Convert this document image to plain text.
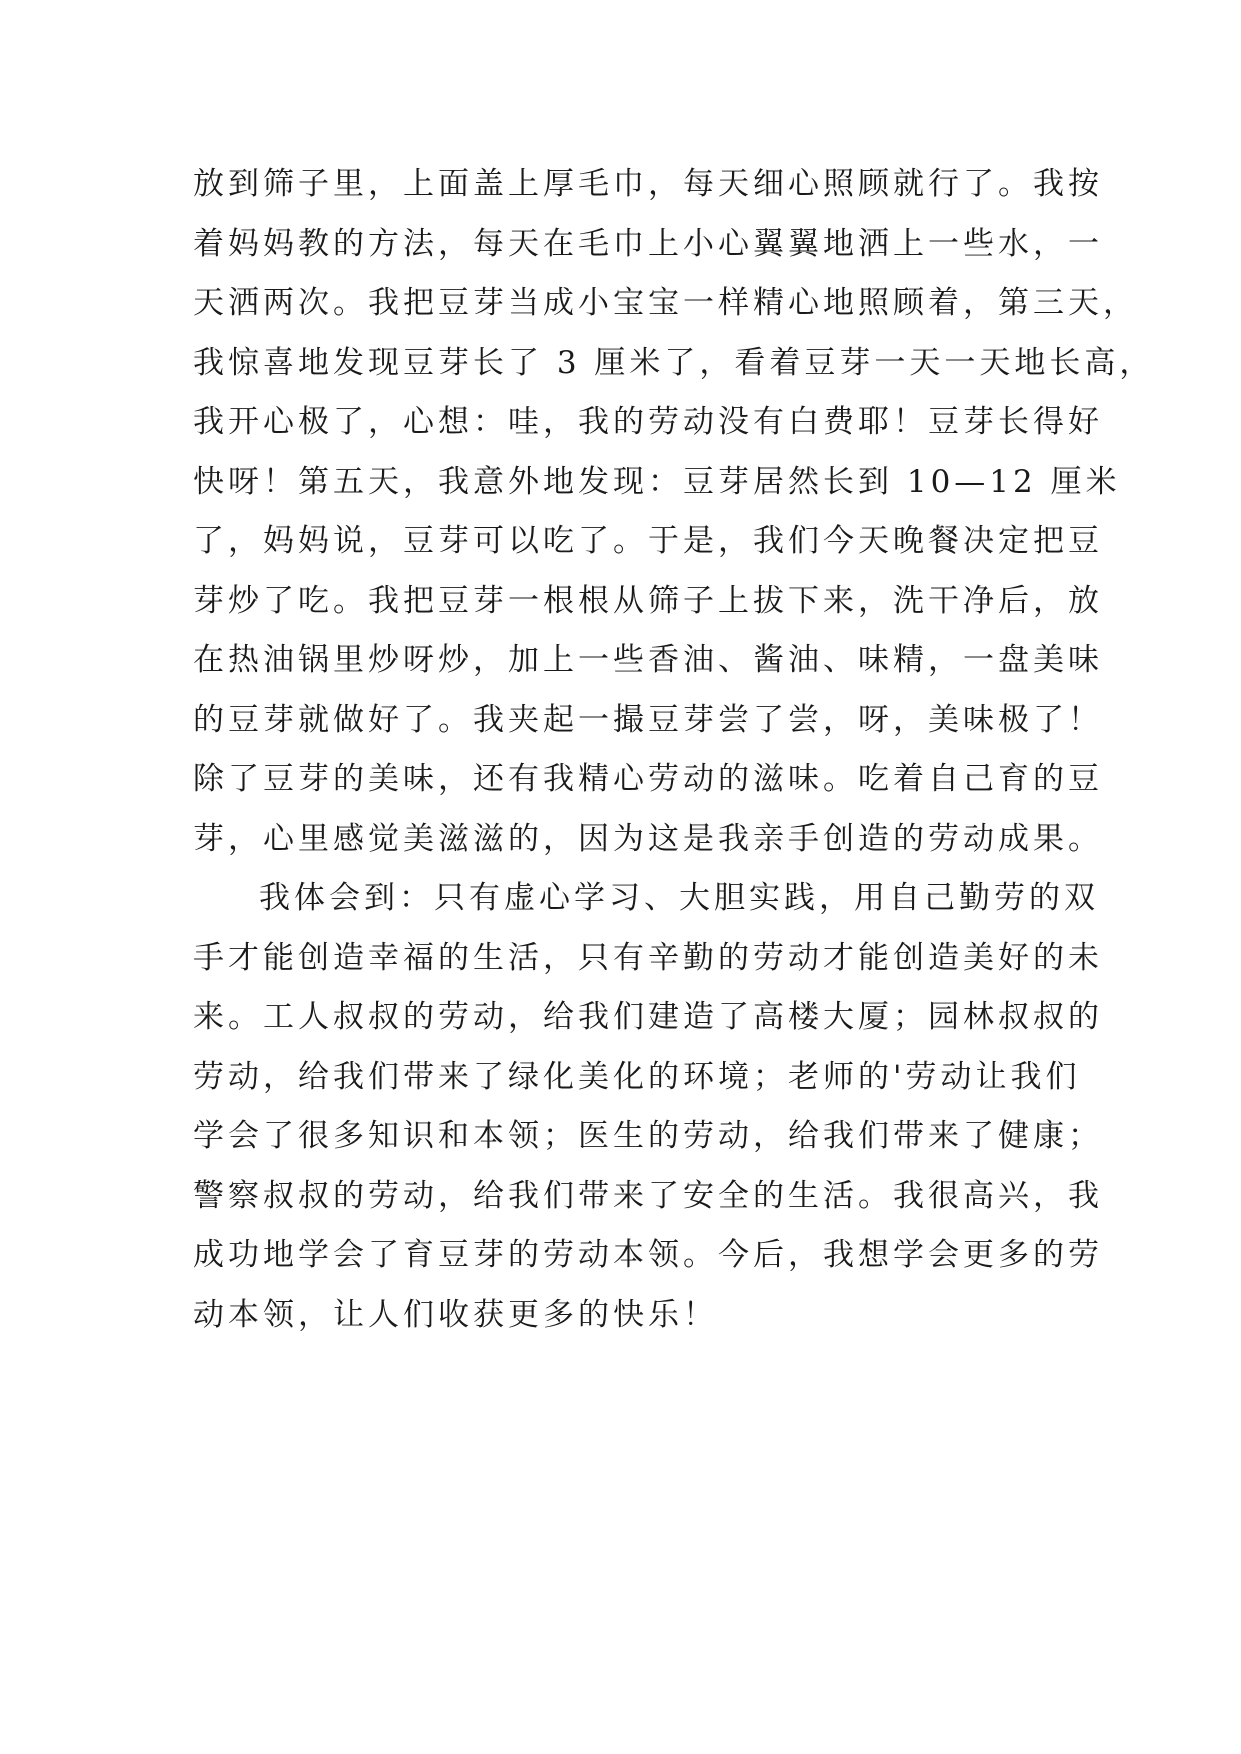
放到筛子里，上面盖上厚毛巾，每天细心照顾就行了。我按
着妈妈教的方法，每天在毛巾上小心翼翼地洒上一些水，一
天洒两次。我把豆芽当成小宝宝一样精心地照顾着，第三天，
我惊喜地发现豆芽长了 3 厘米了，看着豆芽一天一天地长高，
我开心极了，心想：哇，我的劳动没有白费耶！豆芽长得好
快呀！第五天，我意外地发现：豆芽居然长到 10—12 厘米
了，妈妈说，豆芽可以吃了。于是，我们今天晚餐决定把豆
芽炒了吃。我把豆芽一根根从筛子上拔下来，洗干净后，放
在热油锅里炒呀炒，加上一些香油、酱油、味精，一盘美味
的豆芽就做好了。我夹起一撮豆芽尝了尝，呀，美味极了！
除了豆芽的美味，还有我精心劳动的滋味。吃着自己育的豆
芽，心里感觉美滋滋的，因为这是我亲手创造的劳动成果。
我体会到：只有虚心学习、大胆实践，用自己勤劳的双
手才能创造幸福的生活，只有辛勤的劳动才能创造美好的未
来。工人叔叔的劳动，给我们建造了高楼大厦；园林叔叔的
劳动，给我们带来了绿化美化的环境；老师的'劳动让我们
学会了很多知识和本领；医生的劳动，给我们带来了健康；
警察叔叔的劳动，给我们带来了安全的生活。我很高兴，我
成功地学会了育豆芽的劳动本领。今后，我想学会更多的劳
动本领，让人们收获更多的快乐！
